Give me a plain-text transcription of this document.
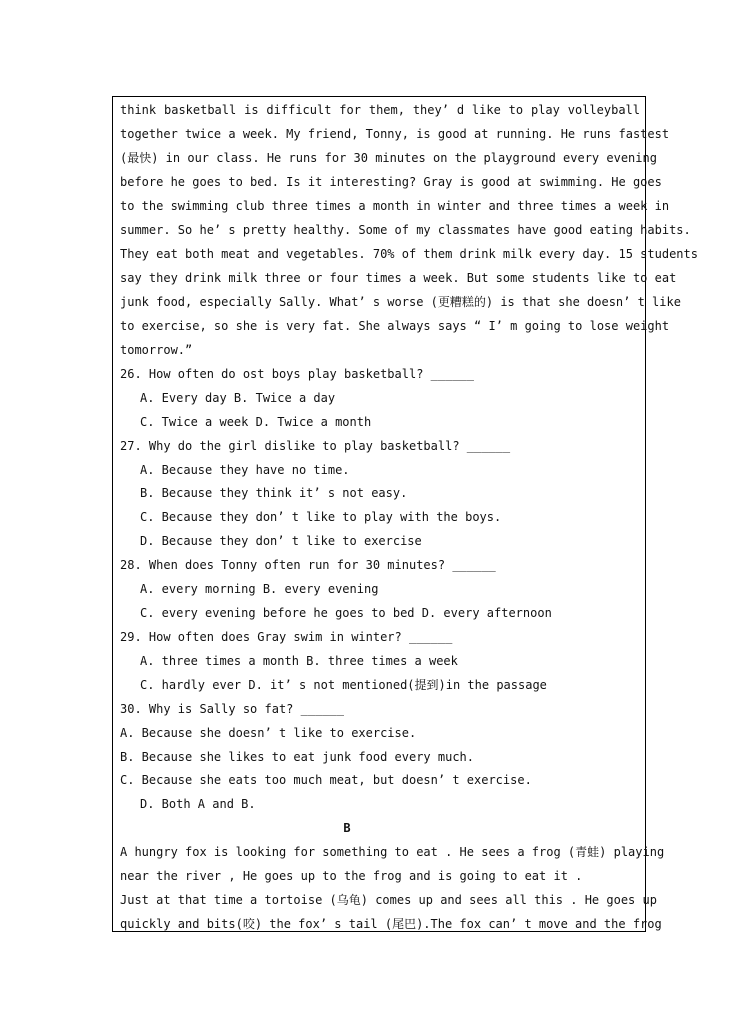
think basketball is difficult for them, they’ d like to play volleyball
together twice a week. My friend, Tonny, is good at running. He runs fastest
(最快) in our class. He runs for 30 minutes on the playground every evening
before he goes to bed. Is it interesting? Gray is good at swimming. He goes
to the swimming club three times a month in winter and three times a week in
summer. So he’ s pretty healthy. Some of my classmates have good eating habits.
They eat both meat and vegetables. 70% of them drink milk every day. 15 students
say they drink milk three or four times a week. But some students like to eat
junk food, especially Sally. What’ s worse (更糟糕的) is that she doesn’ t like
to exercise, so she is very fat. She always says “ I’ m going to lose weight
tomorrow.”
26. How often do ost boys play basketball? ______
A. Every day B. Twice a day
C. Twice a week D. Twice a month
27. Why do the girl dislike to play basketball? ______
A. Because they have no time.
B. Because they think it’ s not easy.
C. Because they don’ t like to play with the boys.
D. Because they don’ t like to exercise
28. When does Tonny often run for 30 minutes? ______
A. every morning B. every evening
C. every evening before he goes to bed D. every afternoon
29. How often does Gray swim in winter? ______
A. three times a month B. three times a week
C. hardly ever D. it’ s not mentioned(提到)in the passage
30. Why is Sally so fat? ______
A. Because she doesn’ t like to exercise.
B. Because she likes to eat junk food every much.
C. Because she eats too much meat, but doesn’ t exercise.
D. Both A and B.
B
A hungry fox is looking for something to eat . He sees a frog (青蛙) playing
near the river , He goes up to the frog and is going to eat it .
Just at that time a tortoise (乌龟) comes up and sees all this . He goes up
quickly and bits(咬) the fox’ s tail (尾巴).The fox can’ t move and the frog
